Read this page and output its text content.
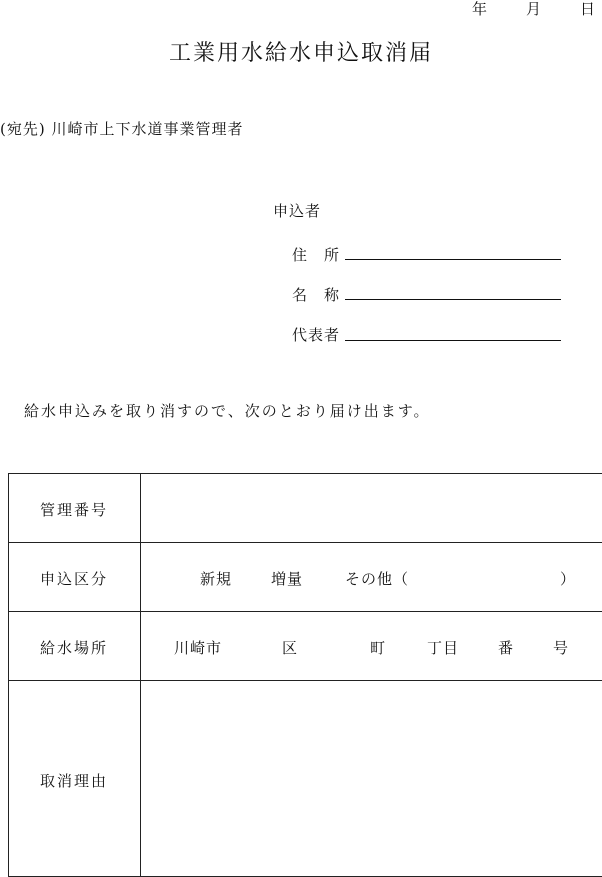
年	月	日
工業用水給水申込取消届
(宛先) 川崎市上下水道事業管理者
申込者
住　所
名　称
代表者
給水申込みを取り消すので、次のとおり届け出ます。
管理番号
申込区分	新規	増量	その他（	）
給水場所	川崎市	区	町	丁目	番	号
取消理由
